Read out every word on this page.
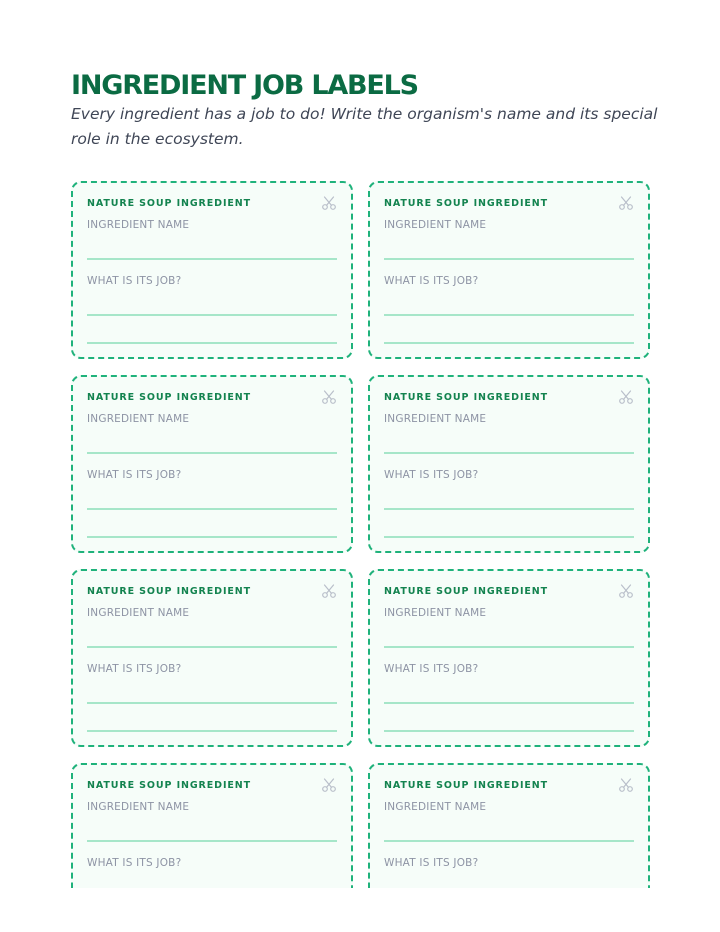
INGREDIENT JOB LABELS

Every ingredient has a job to do! Write the organism's name and its special role in the ecosystem.

NATURE SOUP INGREDIENT
INGREDIENT NAME
WHAT IS ITS JOB?
NATURE SOUP INGREDIENT
INGREDIENT NAME
WHAT IS ITS JOB?
NATURE SOUP INGREDIENT
INGREDIENT NAME
WHAT IS ITS JOB?
NATURE SOUP INGREDIENT
INGREDIENT NAME
WHAT IS ITS JOB?
NATURE SOUP INGREDIENT
INGREDIENT NAME
WHAT IS ITS JOB?
NATURE SOUP INGREDIENT
INGREDIENT NAME
WHAT IS ITS JOB?
NATURE SOUP INGREDIENT
INGREDIENT NAME
WHAT IS ITS JOB?
NATURE SOUP INGREDIENT
INGREDIENT NAME
WHAT IS ITS JOB?
